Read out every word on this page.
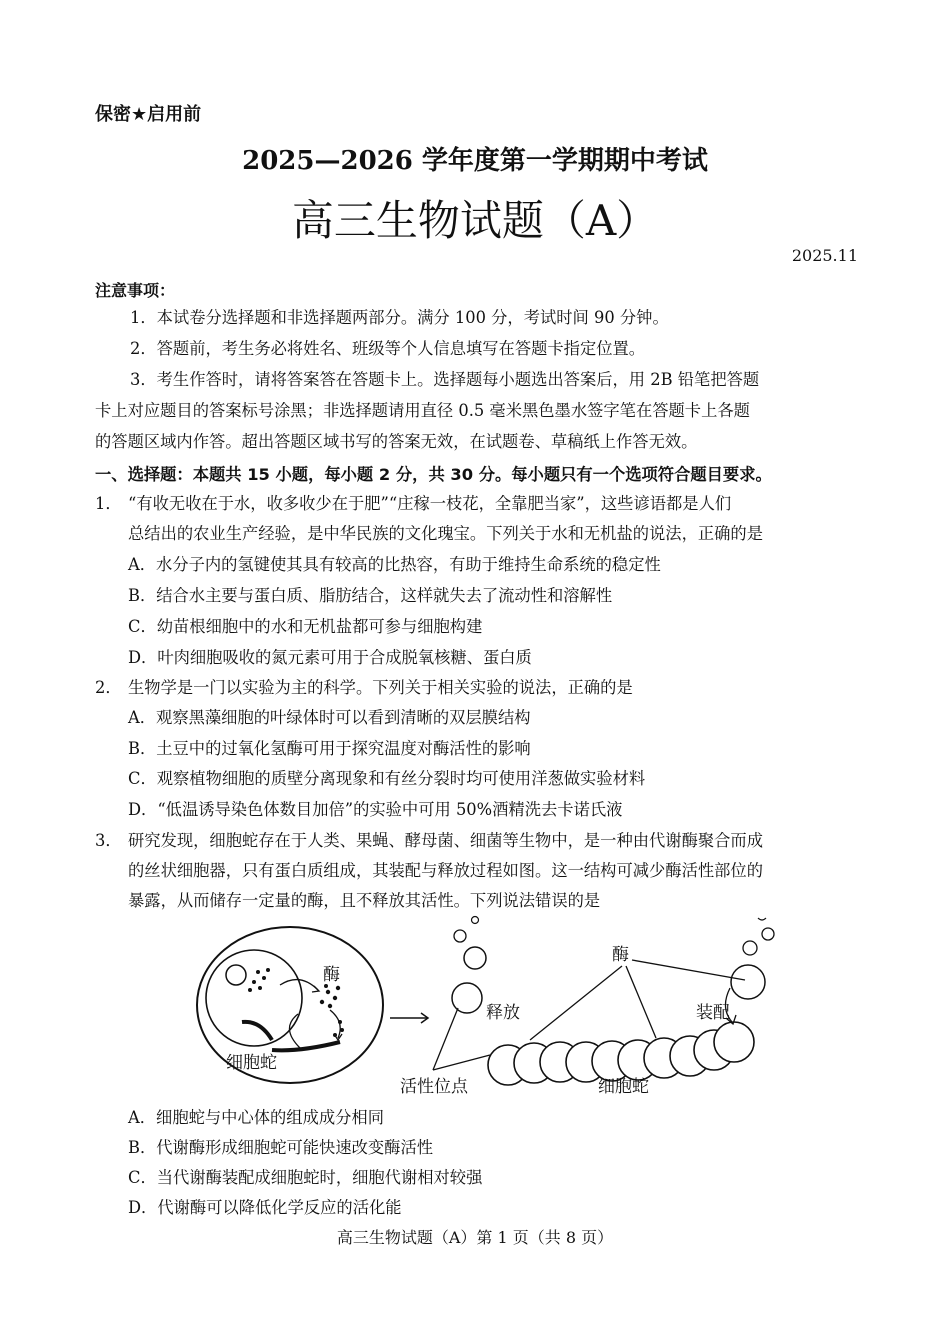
保密★启用前
2025—2026 学年度第一学期期中考试
高三生物试题（A）
2025.11
注意事项：
1．本试卷分选择题和非选择题两部分。满分 100 分，考试时间 90 分钟。
2．答题前，考生务必将姓名、班级等个人信息填写在答题卡指定位置。
3．考生作答时，请将答案答在答题卡上。选择题每小题选出答案后，用 2B 铅笔把答题
卡上对应题目的答案标号涂黑；非选择题请用直径 0.5 毫米黑色墨水签字笔在答题卡上各题
的答题区域内作答。超出答题区域书写的答案无效，在试题卷、草稿纸上作答无效。
一、选择题：本题共 15 小题，每小题 2 分，共 30 分。每小题只有一个选项符合题目要求。
1． “有收无收在于水，收多收少在于肥”“庄稼一枝花，全靠肥当家”，这些谚语都是人们
总结出的农业生产经验，是中华民族的文化瑰宝。下列关于水和无机盐的说法，正确的是
A．水分子内的氢键使其具有较高的比热容，有助于维持生命系统的稳定性
B．结合水主要与蛋白质、脂肪结合，这样就失去了流动性和溶解性
C．幼苗根细胞中的水和无机盐都可参与细胞构建
D．叶肉细胞吸收的氮元素可用于合成脱氧核糖、蛋白质
2． 生物学是一门以实验为主的科学。下列关于相关实验的说法，正确的是
A．观察黑藻细胞的叶绿体时可以看到清晰的双层膜结构
B．土豆中的过氧化氢酶可用于探究温度对酶活性的影响
C．观察植物细胞的质壁分离现象和有丝分裂时均可使用洋葱做实验材料
D．“低温诱导染色体数目加倍”的实验中可用 50%酒精洗去卡诺氏液
3． 研究发现，细胞蛇存在于人类、果蝇、酵母菌、细菌等生物中，是一种由代谢酶聚合而成
的丝状细胞器，只有蛋白质组成，其装配与释放过程如图。这一结构可减少酶活性部位的
暴露，从而储存一定量的酶，且不释放其活性。下列说法错误的是
酶
细胞蛇
释放	装配
酶
活性位点	细胞蛇
A．细胞蛇与中心体的组成成分相同
B．代谢酶形成细胞蛇可能快速改变酶活性
C．当代谢酶装配成细胞蛇时，细胞代谢相对较强
D．代谢酶可以降低化学反应的活化能
高三生物试题（A）第 1 页（共 8 页）
